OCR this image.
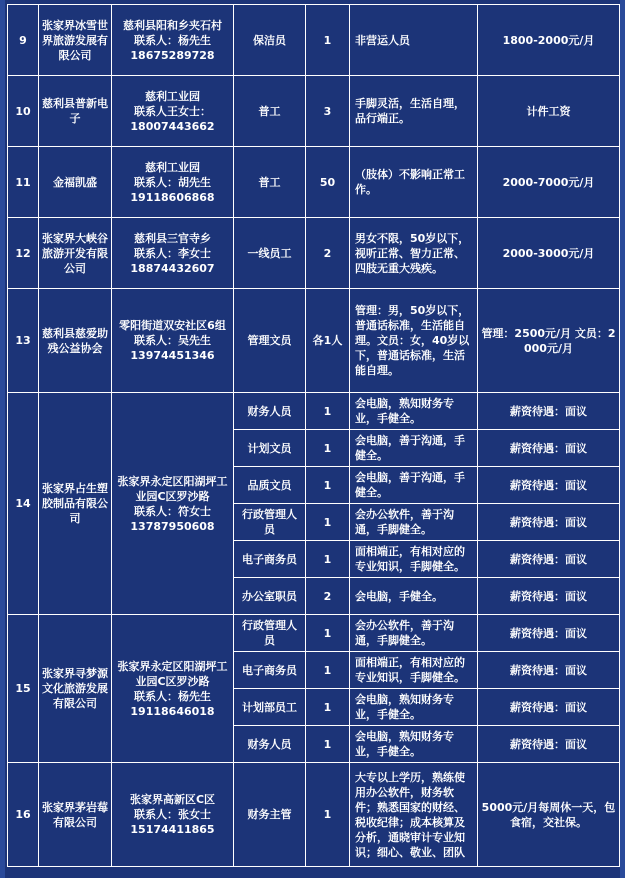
9	张家界冰雪世界旅游发展有限公司	慈利县阳和乡夹石村
联系人：杨先生
18675289728	保洁员	1	非营运人员	1800-2000元/月
10	慈利县普新电子	慈利工业园
联系人王女士：
18007443662	普工	3	手脚灵活，生活自理，品行端正。	计件工资
11	金福凯盛	慈利工业园
联系人：胡先生
19118606868	普工	50	（肢体）不影响正常工作。	2000-7000元/月
12	张家界大峡谷旅游开发有限公司	慈利县三官寺乡
联系人：李女士
18874432607	一线员工	2	男女不限，50岁以下，视听正常、智力正常、四肢无重大残疾。	2000-3000元/月
13	慈利县慈爱助残公益协会	零阳街道双安社区6组
联系人：吴先生
13974451346	管理文员	各1人	管理：男，50岁以下，普通话标准，生活能自理。文员：女，40岁以下，普通话标准，生活能自理。	管理：2500元/月 文员：2000元/月
14	张家界占生塑胶制品有限公司	张家界永定区阳湖坪工业园C区罗沙路
联系人：符女士
13787950608	财务人员	1	会电脑，熟知财务专业，手健全。	薪资待遇：面议
			计划文员	1	会电脑，善于沟通，手健全。	薪资待遇：面议
			品质文员	1	会电脑，善于沟通，手健全。	薪资待遇：面议
			行政管理人员	1	会办公软件，善于沟通，手脚健全。	薪资待遇：面议
			电子商务员	1	面相端正，有相对应的专业知识，手脚健全。	薪资待遇：面议
			办公室职员	2	会电脑，手健全。	薪资待遇：面议
15	张家界寻梦源文化旅游发展有限公司	张家界永定区阳湖坪工业园C区罗沙路
联系人：杨先生
19118646018	行政管理人员	1	会办公软件，善于沟通，手脚健全。	薪资待遇：面议
			电子商务员	1	面相端正，有相对应的专业知识，手脚健全。	薪资待遇：面议
			计划部员工	1	会电脑，熟知财务专业，手健全。	薪资待遇：面议
			财务人员	1	会电脑，熟知财务专业，手健全。	薪资待遇：面议
16	张家界茅岩莓有限公司	张家界高新区C区
联系人：张女士
15174411865	财务主管	1	大专以上学历，熟练使用办公软件，财务软件；熟悉国家的财经、税收纪律；成本核算及分析，通晓审计专业知识；细心、敬业、团队	5000元/月每周休一天，包食宿，交社保。
